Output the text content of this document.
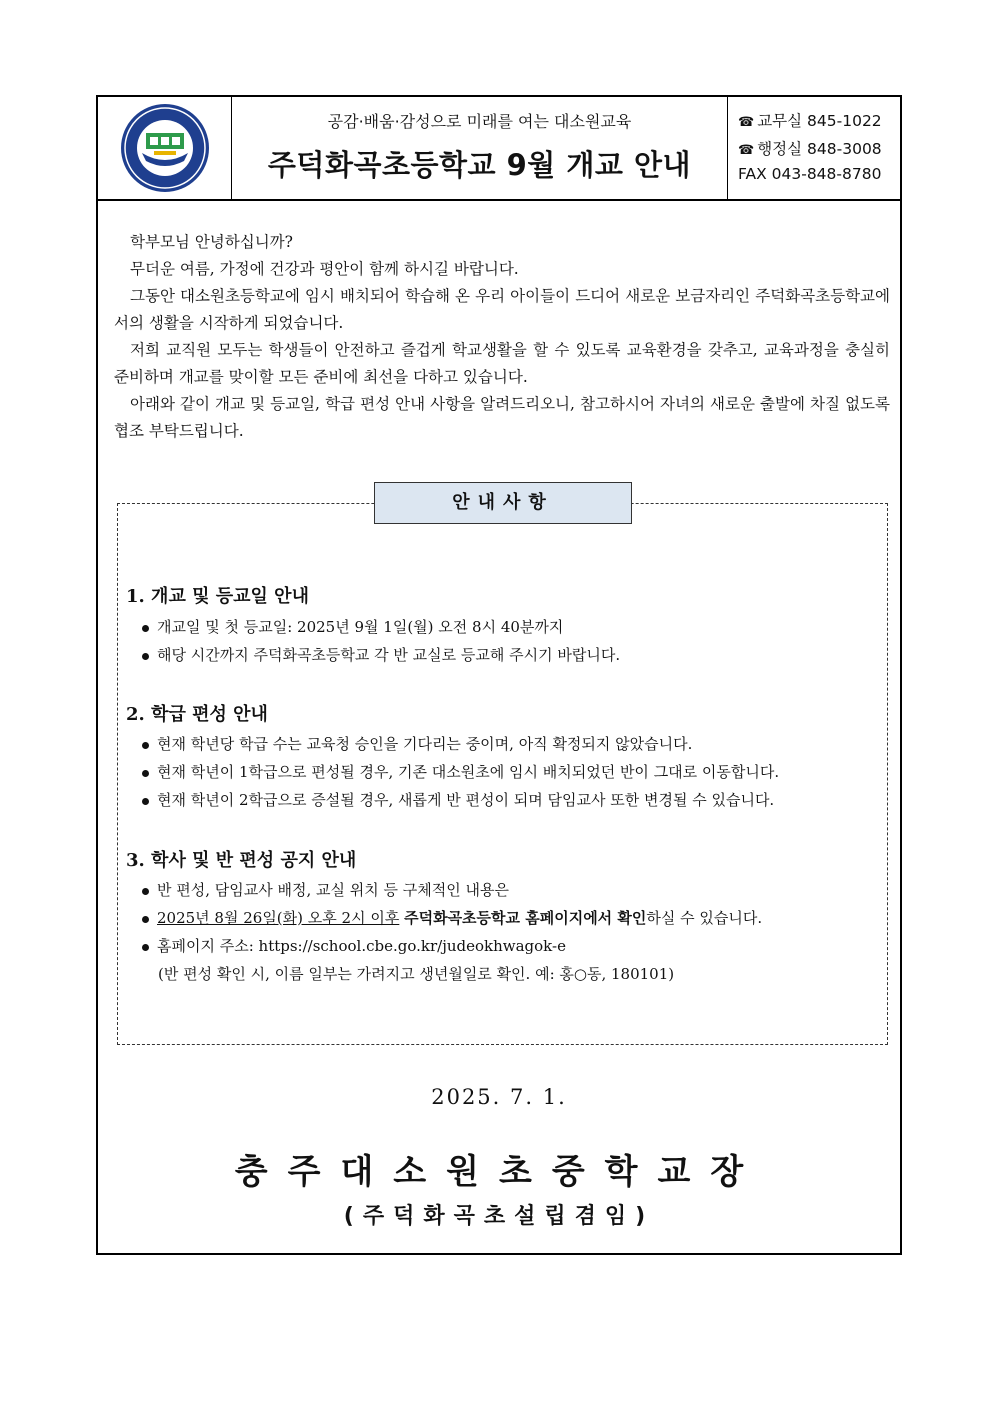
공감·배움·감성으로 미래를 여는 대소원교육
주덕화곡초등학교 9월 개교 안내
☎ 교무실 845-1022
☎ 행정실 848-3008
FAX 043-848-8780

학부모님 안녕하십니까?

무더운 여름, 가정에 건강과 평안이 함께 하시길 바랍니다.

그동안 대소원초등학교에 임시 배치되어 학습해 온 우리 아이들이 드디어 새로운 보금자리인 주덕화곡초등학교에서의 생활을 시작하게 되었습니다.

저희 교직원 모두는 학생들이 안전하고 즐겁게 학교생활을 할 수 있도록 교육환경을 갖추고, 교육과정을 충실히 준비하며 개교를 맞이할 모든 준비에 최선을 다하고 있습니다.

아래와 같이 개교 및 등교일, 학급 편성 안내 사항을 알려드리오니, 참고하시어 자녀의 새로운 출발에 차질 없도록 협조 부탁드립니다.

안내사항
1. 개교 및 등교일 안내
개교일 및 첫 등교일: 2025년 9월 1일(월) 오전 8시 40분까지
해당 시간까지 주덕화곡초등학교 각 반 교실로 등교해 주시기 바랍니다.
2. 학급 편성 안내
현재 학년당 학급 수는 교육청 승인을 기다리는 중이며, 아직 확정되지 않았습니다.
현재 학년이 1학급으로 편성될 경우, 기존 대소원초에 임시 배치되었던 반이 그대로 이동합니다.
현재 학년이 2학급으로 증설될 경우, 새롭게 반 편성이 되며 담임교사 또한 변경될 수 있습니다.
3. 학사 및 반 편성 공지 안내
반 편성, 담임교사 배정, 교실 위치 등 구체적인 내용은
2025년 8월 26일(화) 오후 2시 이후 주덕화곡초등학교 홈페이지에서 확인하실 수 있습니다.
홈페이지 주소: https://school.cbe.go.kr/judeokhwagok-e
(반 편성 확인 시, 이름 일부는 가려지고 생년월일로 확인. 예: 홍○동, 180101)
2025. 7. 1.
충주대소원초중학교장
(주덕화곡초설립겸임)
